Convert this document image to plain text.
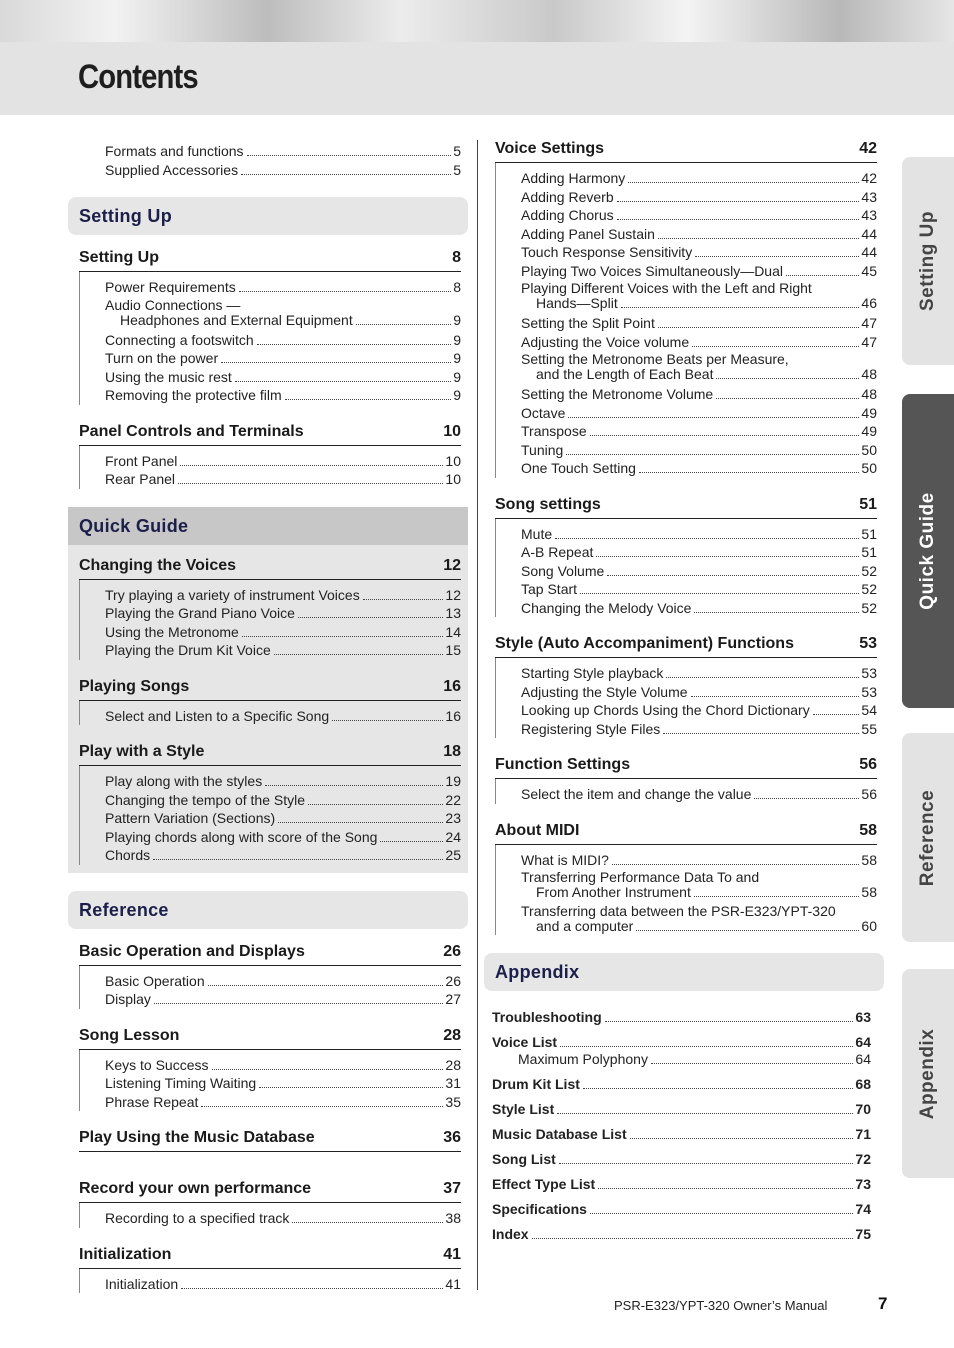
Contents
Formats and functions	5
Supplied Accessories	5
Setting Up
Setting Up	8
Power Requirements	8
Audio Connections —
Headphones and External Equipment	9
Connecting a footswitch	9
Turn on the power	9
Using the music rest	9
Removing the protective film	9
Panel Controls and Terminals	10
Front Panel	10
Rear Panel	10
Quick Guide
Changing the Voices	12
Try playing a variety of instrument Voices	12
Playing the Grand Piano Voice	13
Using the Metronome	14
Playing the Drum Kit Voice	15
Playing Songs	16
Select and Listen to a Specific Song	16
Play with a Style	18
Play along with the styles	19
Changing the tempo of the Style	22
Pattern Variation (Sections)	23
Playing chords along with score of the Song	24
Chords	25
Reference
Basic Operation and Displays	26
Basic Operation	26
Display	27
Song Lesson	28
Keys to Success	28
Listening Timing Waiting	31
Phrase Repeat	35
Play Using the Music Database	36
Record your own performance	37
Recording to a specified track	38
Initialization	41
Initialization	41
Voice Settings	42
Adding Harmony	42
Adding Reverb	43
Adding Chorus	43
Adding Panel Sustain	44
Touch Response Sensitivity	44
Playing Two Voices Simultaneously—Dual	45
Playing Different Voices with the Left and Right
Hands—Split	46
Setting the Split Point	47
Adjusting the Voice volume	47
Setting the Metronome Beats per Measure,
and the Length of Each Beat	48
Setting the Metronome Volume	48
Octave	49
Transpose	49
Tuning	50
One Touch Setting	50
Song settings	51
Mute	51
A-B Repeat	51
Song Volume	52
Tap Start	52
Changing the Melody Voice	52
Style (Auto Accompaniment) Functions	53
Starting Style playback	53
Adjusting the Style Volume	53
Looking up Chords Using the Chord Dictionary	54
Registering Style Files	55
Function Settings	56
Select the item and change the value	56
About MIDI	58
What is MIDI?	58
Transferring Performance Data To and
From Another Instrument	58
Transferring data between the PSR-E323/YPT-320
and a computer	60
Appendix
Troubleshooting	63
Voice List	64
Maximum Polyphony	64
Drum Kit List	68
Style List	70
Music Database List	71
Song List	72
Effect Type List	73
Specifications	74
Index	75
Setting Up
Quick Guide
Reference
Appendix
PSR-E323/YPT-320 Owner’s Manual	7
